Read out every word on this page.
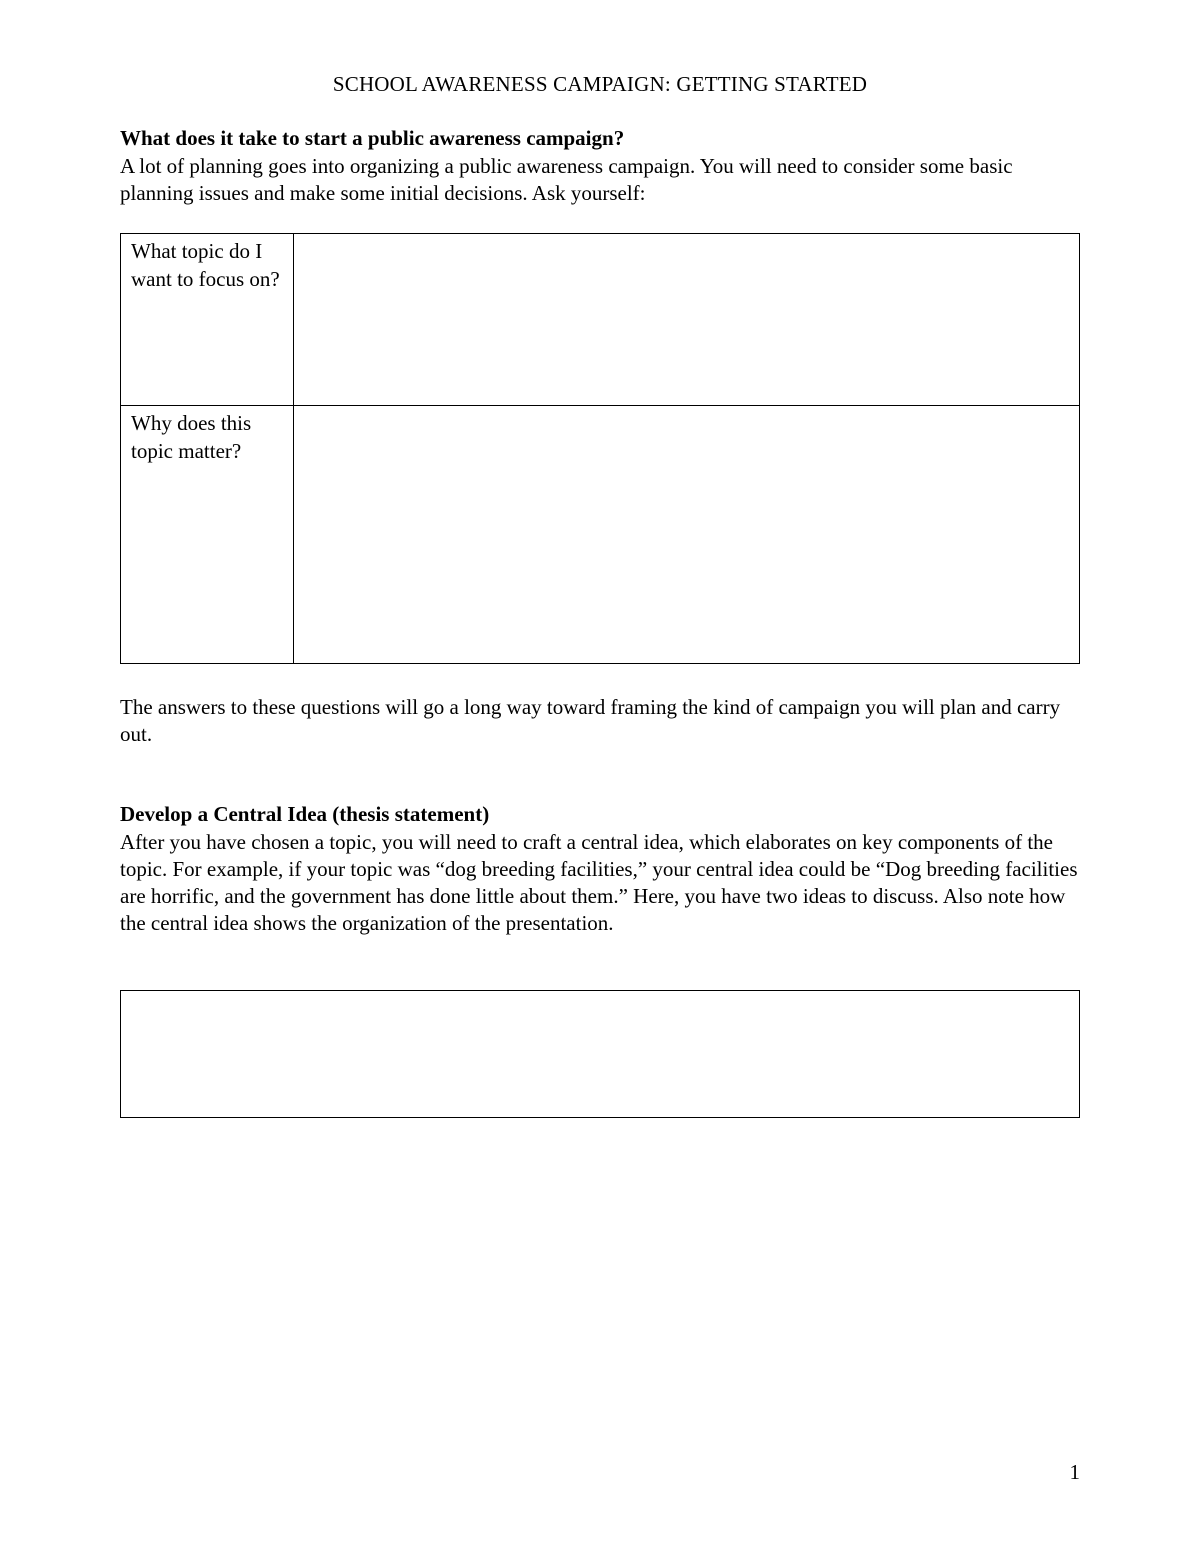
SCHOOL AWARENESS CAMPAIGN: GETTING STARTED
What does it take to start a public awareness campaign?
A lot of planning goes into organizing a public awareness campaign. You will need to consider some basic planning issues and make some initial decisions. Ask yourself:
What topic do I want to focus on?	
Why does this topic matter?	
The answers to these questions will go a long way toward framing the kind of campaign you will plan and carry out.
Develop a Central Idea (thesis statement)
After you have chosen a topic, you will need to craft a central idea, which elaborates on key components of the topic. For example, if your topic was “dog breeding facilities,” your central idea could be “Dog breeding facilities are horrific, and the government has done little about them.” Here, you have two ideas to discuss. Also note how the central idea shows the organization of the presentation.
1
